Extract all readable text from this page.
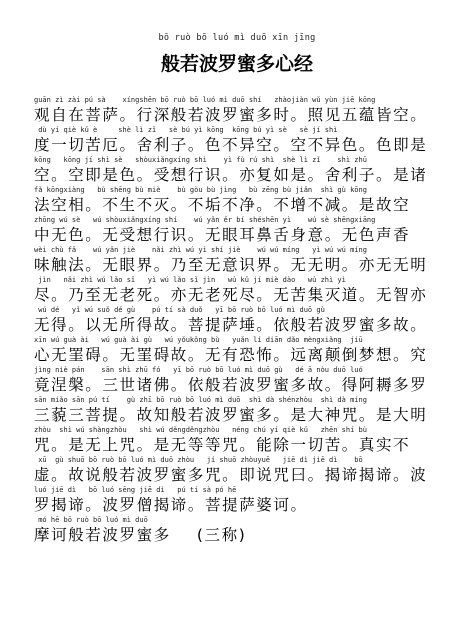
bō ruò bō luó mì duō xīn jīng
般若波罗蜜多心经
guān zì zài pú sà    xíngshēn bō ruò bō luó mì duō shí   zhàojiàn wǔ yùn jiē kōng
观自在菩萨。行深般若波罗蜜多时。照见五蕴皆空。
dù yí qiè kǔ è     shè lì zǐ   sè bú yì kōng  kōng bú yì sè   sè jí shì
度一切苦厄。舍利子。色不异空。空不异色。色即是
kōng   kōng jí shì sè   shòuxiǎngxíng shì    yì fù rú shì  shè lì zǐ    shì zhū
空。空即是色。受想行识。亦复如是。舍利子。是诸
fǎ kōngxiàng   bù shēng bù miè    bù gòu bù jìng   bù zēng bù jiǎn  shì gù kōng
法空相。不生不灭。不垢不净。不增不减。是故空
zhōng wú sè   wú shòuxiǎngxíng shí    wú yǎn ěr bí shéshēn yì    wú sè shēngxiāng
中无色。无受想行识。无眼耳鼻舌身意。无色声香
wèi chù fǎ    wú yǎn jiè    nǎi zhì wú yì shí jiè    wú wú míng   yì wú wú míng
味触法。无眼界。乃至无意识界。无无明。亦无无明
jìn   nǎi zhì wú lǎo sǐ   yì wú lǎo sǐ jìn   wú kǔ jí miè dào   wú zhì yì
尽。乃至无老死。亦无老死尽。无苦集灭道。无智亦
wú dé   yǐ wú suǒ dé gù    pú tí sà duǒ   yī bō ruò bō luó mì duō gù
无得。以无所得故。菩提萨埵。依般若波罗蜜多故。
xīn wú guà ài   wú guà ài gù   wú yǒukǒng bù   yuǎn lí diān dǎo mèngxiǎng  jiū
心无罣碍。无罣碍故。无有恐怖。远离颠倒梦想。究
jìng niè pán    sān shì zhū fó   yī bō ruò bō luó mì duō gù   dé ā nòu duō luó
竟涅槃。三世诸佛。依般若波罗蜜多故。得阿耨多罗
sān miǎo sān pú tí    gù zhī bō ruò bō luó mì duō  shì dà shénzhòu  shì dà míng
三藐三菩提。故知般若波罗蜜多。是大神咒。是大明
zhòu  shì wú shàngzhòu   shì wú děngděngzhòu   néng chú yí qiè kǔ   zhēn shí bù
咒。是无上咒。是无等等咒。能除一切苦。真实不
xū  gù shuō bō ruò bō luó mì duō zhòu   jí shuō zhòuyuē   jiē dì jiē dì    bō
虚。故说般若波罗蜜多咒。即说咒曰。揭谛揭谛。波
luó jiē dì   bō luó sēng jiē dì   pú tí sà pó hē
罗揭谛。波罗僧揭谛。菩提萨婆诃。
mó hē bō ruò bō luó mì duō
摩诃般若波罗蜜多    (三称)
